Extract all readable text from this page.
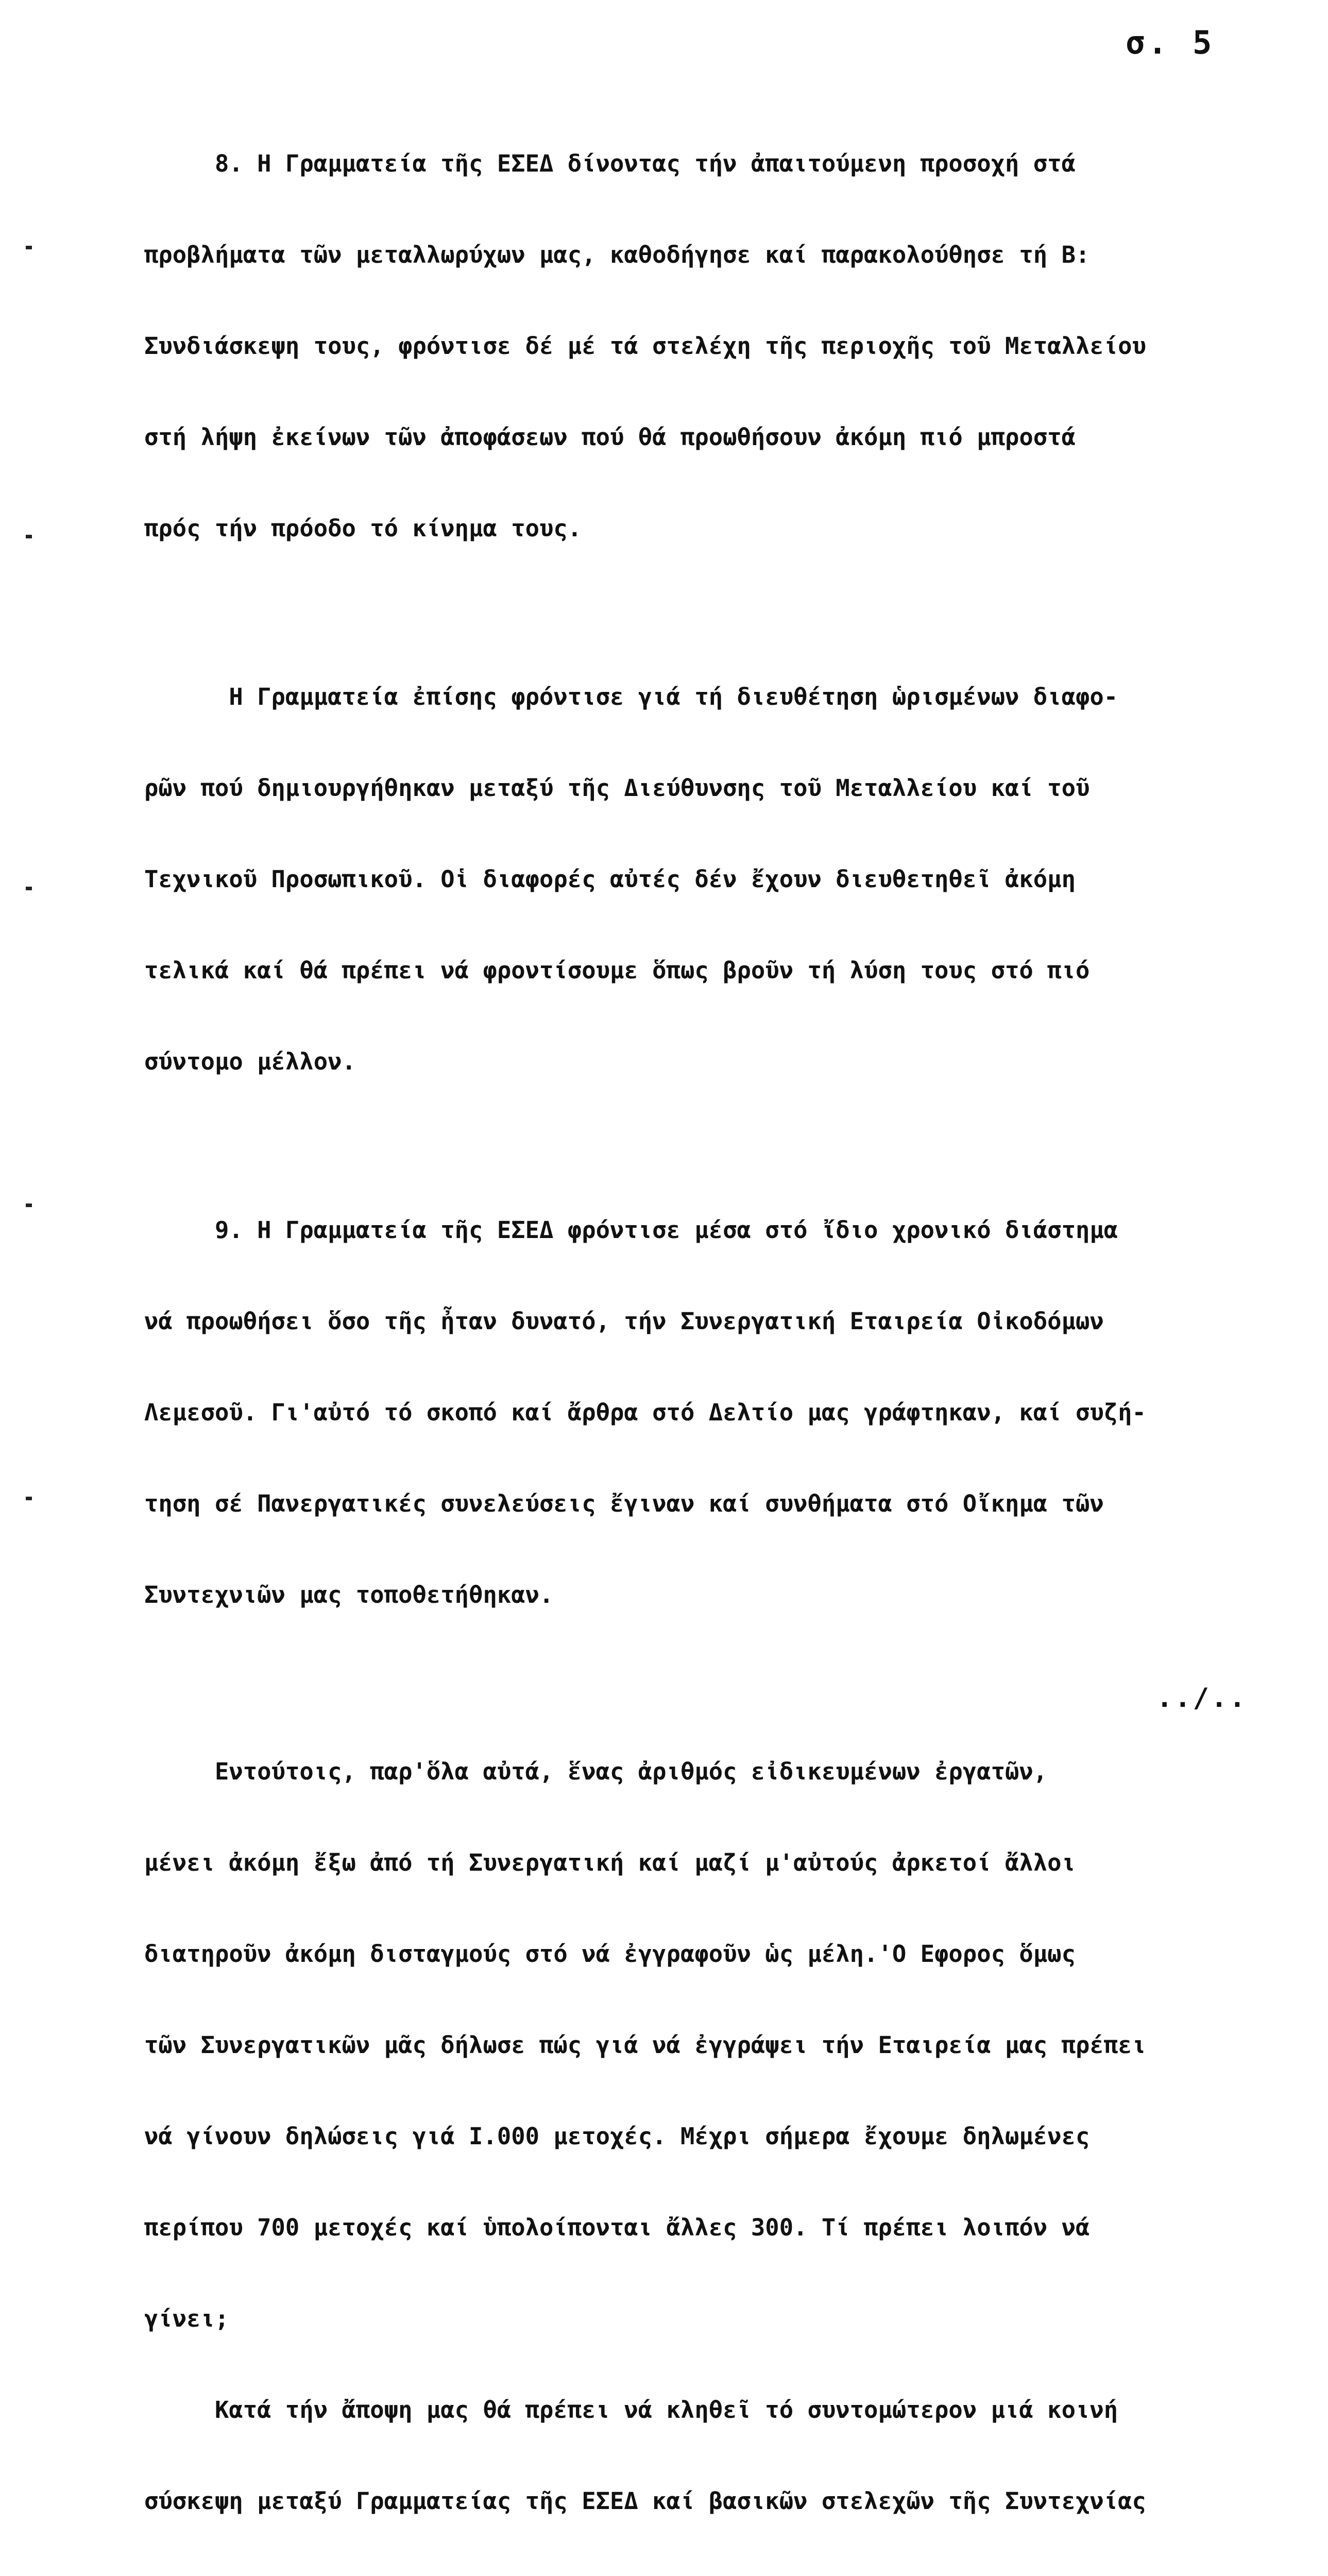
σ. 5

8. Η Γραμματεία τῆς ΕΣΕΔ δίνοντας τήν ἀπαιτούμενη προσοχή στά

προβλήματα τῶν μεταλλωρύχων μας, καθοδήγησε καί παρακολούθησε τή Β:

Συνδιάσκεψη τους, φρόντισε δέ μέ τά στελέχη τῆς περιοχῆς τοῦ Μεταλλείου

στή λήψη ἐκείνων τῶν ἀποφάσεων πού θά προωθήσουν ἀκόμη πιό μπροστά

πρός τήν πρόοδο τό κίνημα τους.

Η Γραμματεία ἐπίσης φρόντισε γιά τή διευθέτηση ὡρισμένων διαφο-

ρῶν πού δημιουργήθηκαν μεταξύ τῆς Διεύθυνσης τοῦ Μεταλλείου καί τοῦ

Τεχνικοῦ Προσωπικοῦ. Οἱ διαφορές αὐτές δέν ἔχουν διευθετηθεῖ ἀκόμη

τελικά καί θά πρέπει νά φροντίσουμε ὅπως βροῦν τή λύση τους στό πιό

σύντομο μέλλον.

9. Η Γραμματεία τῆς ΕΣΕΔ φρόντισε μέσα στό ἴδιο χρονικό διάστημα

νά προωθήσει ὅσο τῆς ἦταν δυνατό, τήν Συνεργατική Εταιρεία Οἰκοδόμων

Λεμεσοῦ. Γι'αὐτό τό σκοπό καί ἄρθρα στό Δελτίο μας γράφτηκαν, καί συζή-

τηση σέ Πανεργατικές συνελεύσεις ἔγιναν καί συνθήματα στό Οἴκημα τῶν

Συντεχνιῶν μας τοποθετήθηκαν.

Εντούτοις, παρ'ὅλα αὐτά, ἕνας ἀριθμός εἰδικευμένων ἐργατῶν,

μένει ἀκόμη ἔξω ἀπό τή Συνεργατική καί μαζί μ'αὐτούς ἀρκετοί ἄλλοι

διατηροῦν ἀκόμη δισταγμούς στό νά ἐγγραφοῦν ὡς μέλη.'Ο Εφορος ὅμως

τῶν Συνεργατικῶν μᾶς δήλωσε πώς γιά νά ἐγγράψει τήν Εταιρεία μας πρέπει

νά γίνουν δηλώσεις γιά Ι.000 μετοχές. Μέχρι σήμερα ἔχουμε δηλωμένες

περίπου 700 μετοχές καί ὑπολοίπονται ἄλλες 300. Τί πρέπει λοιπόν νά

γίνει;

Κατά τήν ἄποψη μας θά πρέπει νά κληθεῖ τό συντομώτερον μιά κοινή

σύσκεψη μεταξύ Γραμματείας τῆς ΕΣΕΔ καί βασικῶν στελεχῶν τῆς Συντεχνίας

../..
